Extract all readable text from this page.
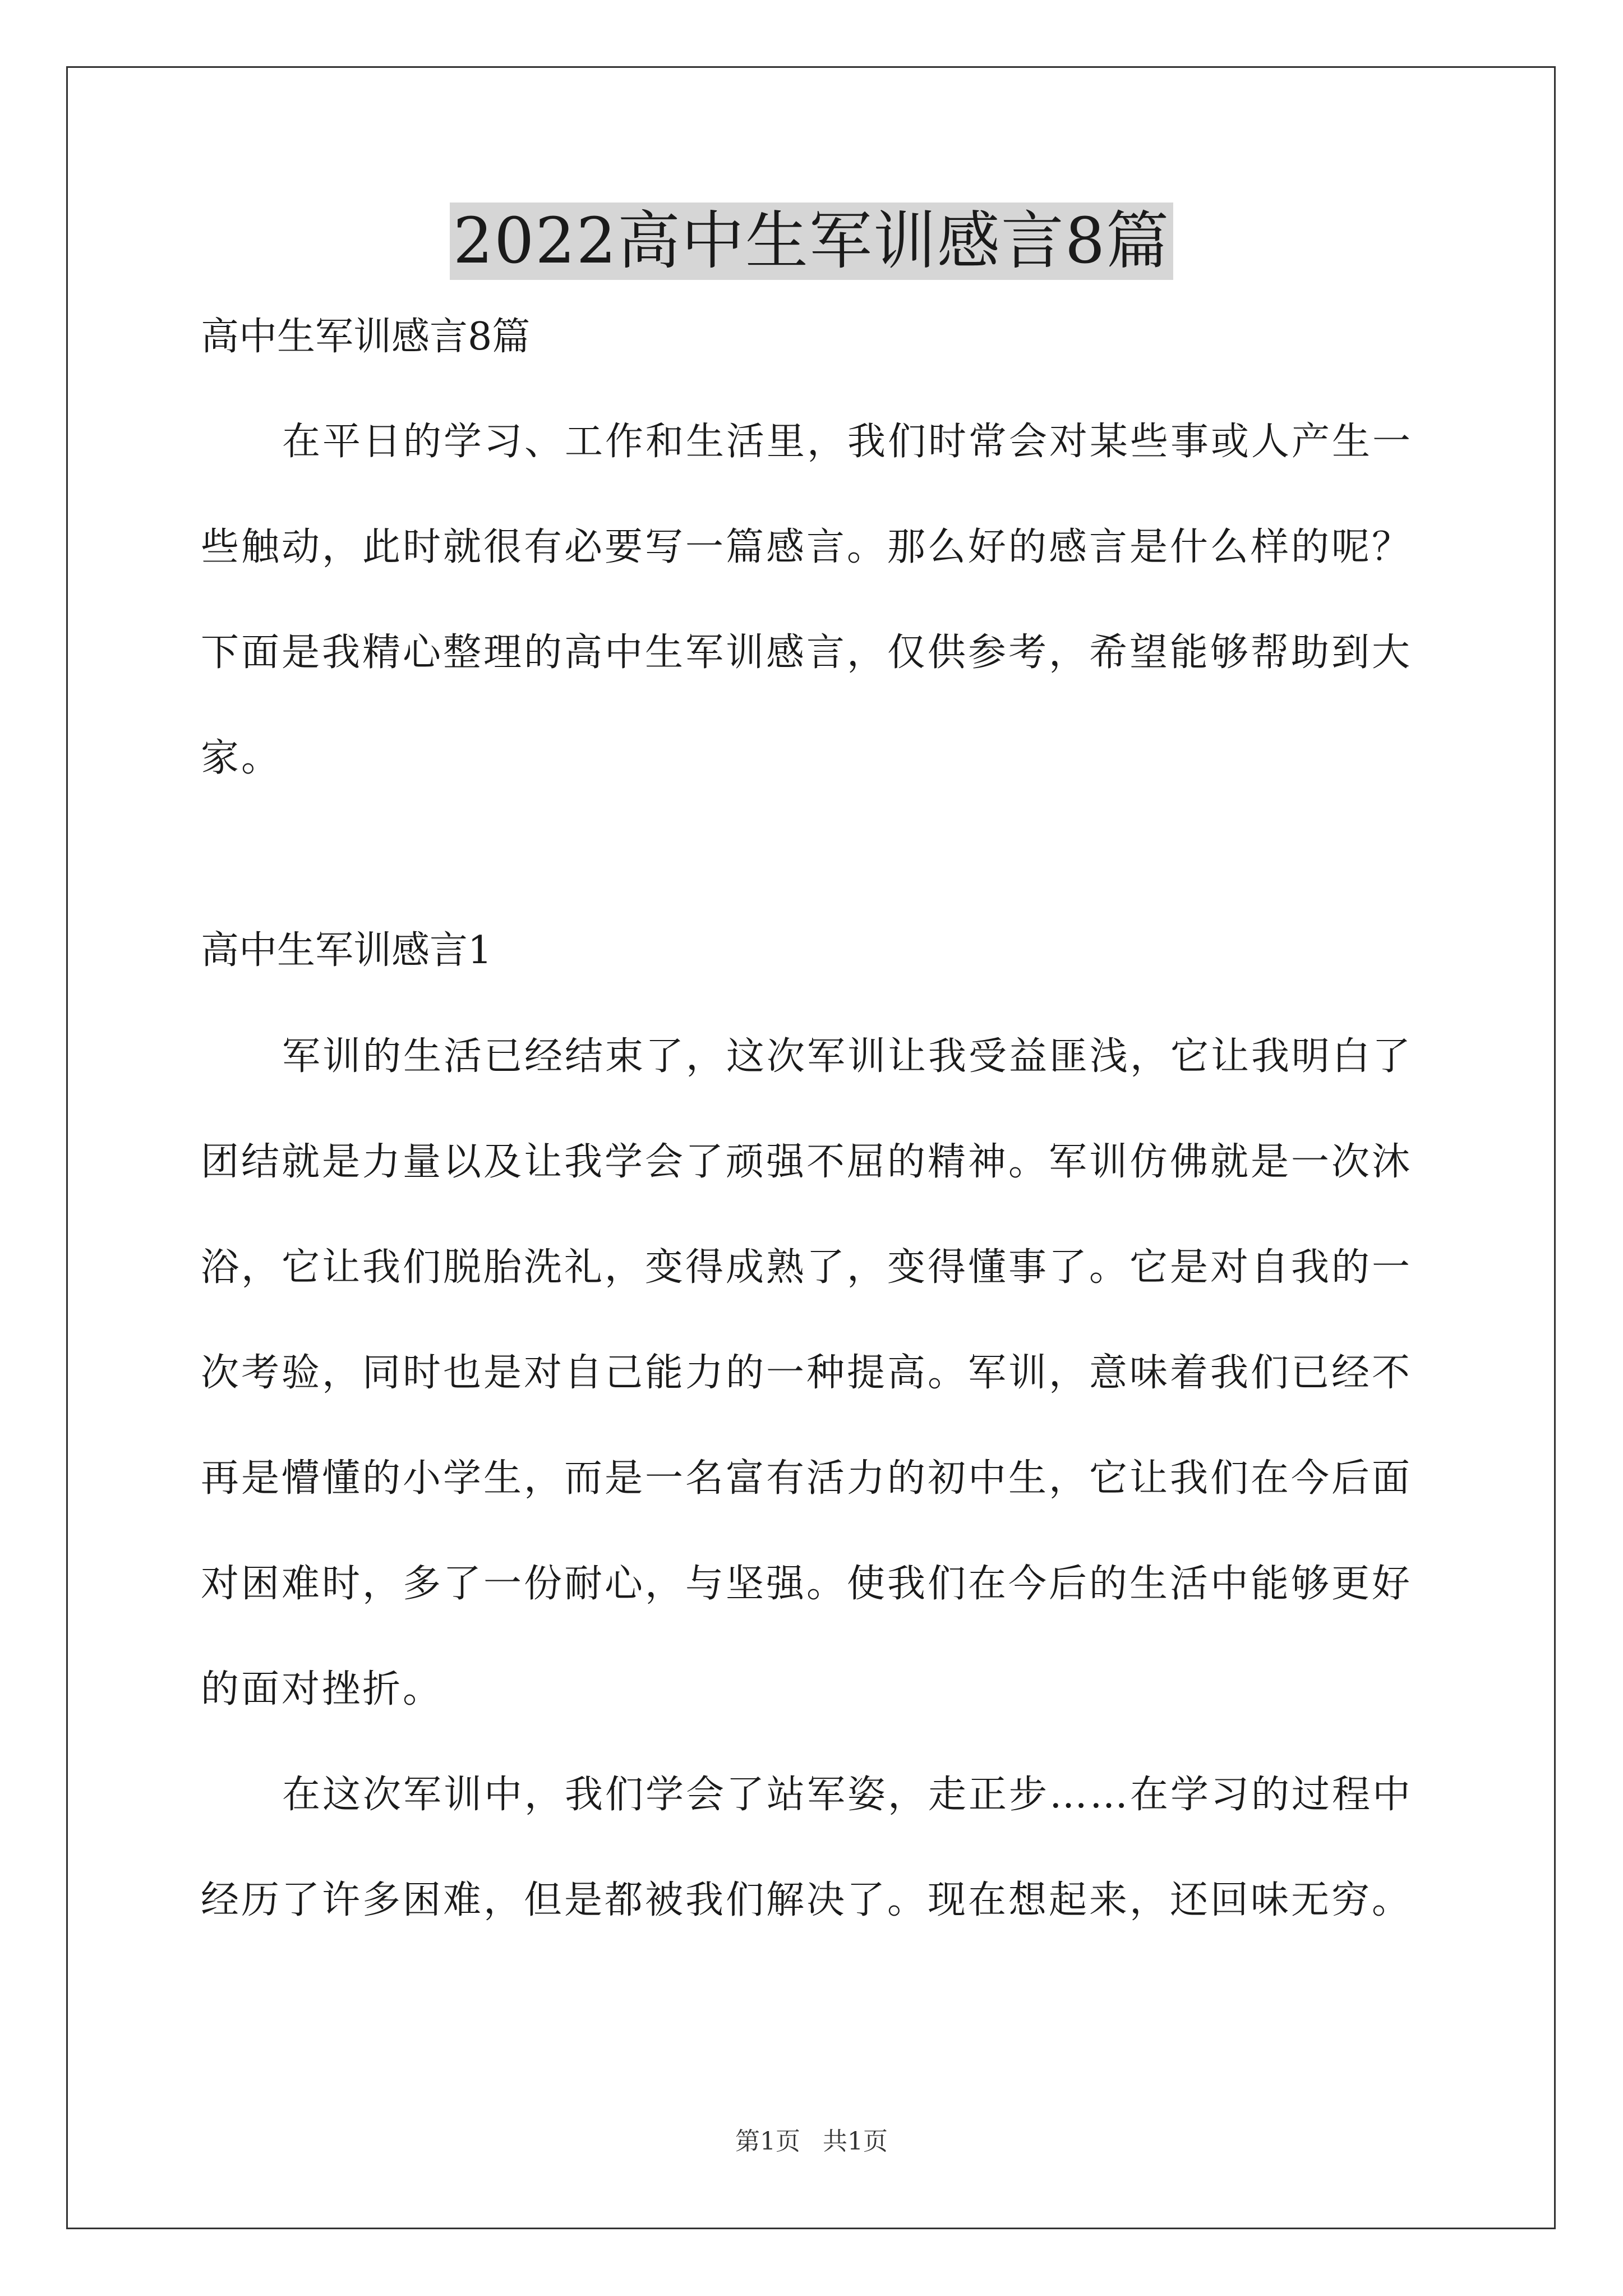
2022高中生军训感言8篇

高中生军训感言8篇

在平日的学习、工作和生活里，我们时常会对某些事或人产生一
些触动，此时就很有必要写一篇感言。那么好的感言是什么样的呢？
下面是我精心整理的高中生军训感言，仅供参考，希望能够帮助到大
家。

高中生军训感言1

军训的生活已经结束了，这次军训让我受益匪浅，它让我明白了
团结就是力量以及让我学会了顽强不屈的精神。军训仿佛就是一次沐
浴，它让我们脱胎洗礼，变得成熟了，变得懂事了。它是对自我的一
次考验，同时也是对自己能力的一种提高。军训，意味着我们已经不
再是懵懂的小学生，而是一名富有活力的初中生，它让我们在今后面
对困难时，多了一份耐心，与坚强。使我们在今后的生活中能够更好
的面对挫折。

在这次军训中，我们学会了站军姿，走正步……在学习的过程中
经历了许多困难，但是都被我们解决了。现在想起来，还回味无穷。

第1页 共1页
